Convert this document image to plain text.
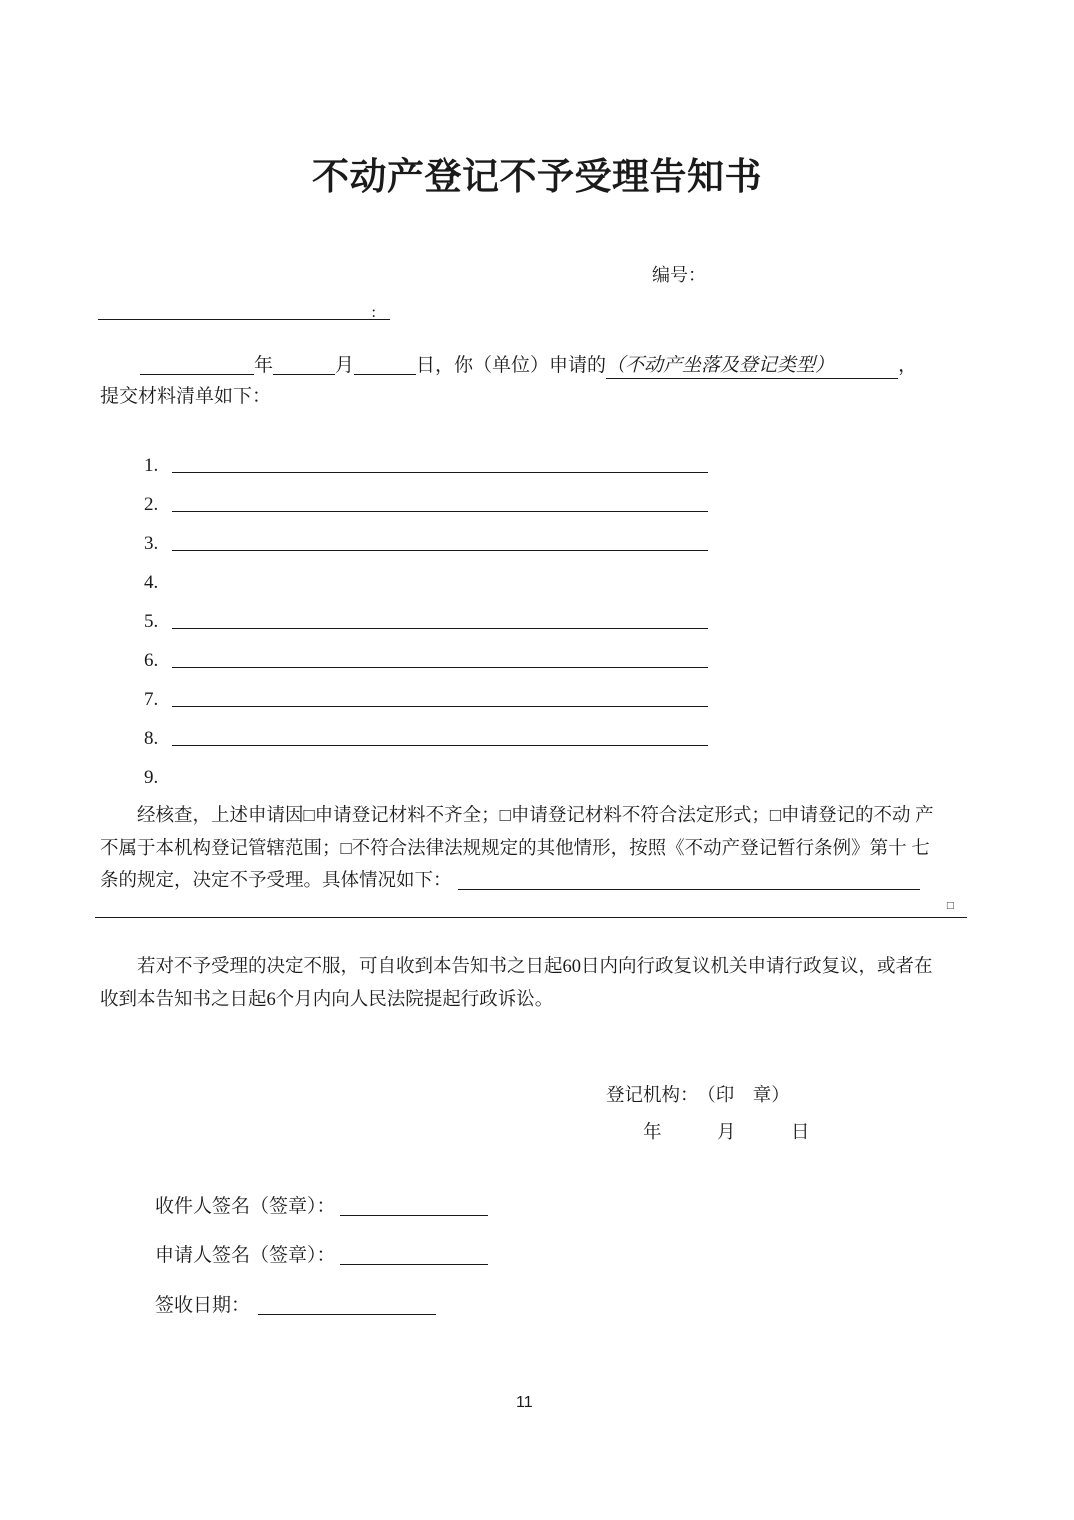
不动产登记不予受理告知书
编号：
:
年	月	日，你（单位）申请的（不动产坐落及登记类型）	，
提交材料清单如下：
1.
2.
3.
4.
5.
6.
7.
8.
9.
经核查，上述申请因□申请登记材料不齐全；□申请登记材料不符合法定形式；□申请登记的不动 产
不属于本机构登记管辖范围；□不符合法律法规规定的其他情形，按照《不动产登记暂行条例》第十 七
条的规定，决定不予受理。具体情况如下：
□
若对不予受理的决定不服，可自收到本告知书之日起60日内向行政复议机关申请行政复议，或者在
收到本告知书之日起6个月内向人民法院提起行政诉讼。
登记机构： （印　章）
年　　　月　　　日
收件人签名（签章）：
申请人签名（签章）：
签收日期：
11
